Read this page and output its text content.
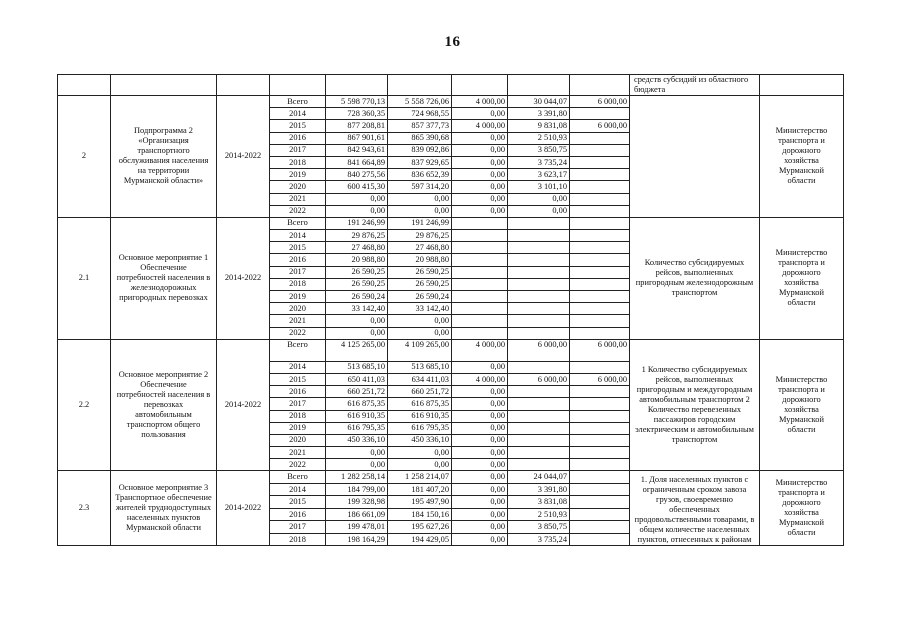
16
									средств субсидий из областного бюджета	
2	Подпрограмма 2 «Организация транспортного обслуживания населения на территории Мурманской области»	2014-2022	Всего	5 598 770,13	5 558 726,06	4 000,00	30 044,07	6 000,00		Министерство транспорта и дорожного хозяйства Мурманской области
			2014	728 360,35	724 968,55	0,00	3 391,80			
			2015	877 208,81	857 377,73	4 000,00	9 831,08	6 000,00		
			2016	867 901,61	865 390,68	0,00	2 510,93			
			2017	842 943,61	839 092,86	0,00	3 850,75			
			2018	841 664,89	837 929,65	0,00	3 735,24			
			2019	840 275,56	836 652,39	0,00	3 623,17			
			2020	600 415,30	597 314,20	0,00	3 101,10			
			2021	0,00	0,00	0,00	0,00			
			2022	0,00	0,00	0,00	0,00			
2.1	Основное мероприятие 1 Обеспечение потребностей населения в железнодорожных пригородных перевозках	2014-2022	Всего	191 246,99	191 246,99				Количество субсидируемых рейсов, выполненных пригородным железнодорожным транспортом	Министерство транспорта и дорожного хозяйства Мурманской области
			2014	29 876,25	29 876,25					
			2015	27 468,80	27 468,80					
			2016	20 988,80	20 988,80					
			2017	26 590,25	26 590,25					
			2018	26 590,25	26 590,25					
			2019	26 590,24	26 590,24					
			2020	33 142,40	33 142,40					
			2021	0,00	0,00					
			2022	0,00	0,00					
2.2	Основное мероприятие 2 Обеспечение потребностей населения в перевозках автомобильным транспортом общего пользования	2014-2022	Всего	4 125 265,00	4 109 265,00	4 000,00	6 000,00	6 000,00	1 Количество субсидируемых рейсов, выполненных пригородным и междугородным автомобильным транспортом 2 Количество перевезенных пассажиров городским электрическим и автомобильным транспортом	Министерство транспорта и дорожного хозяйства Мурманской области
			2014	513 685,10	513 685,10	0,00				
			2015	650 411,03	634 411,03	4 000,00	6 000,00	6 000,00		
			2016	660 251,72	660 251,72	0,00				
			2017	616 875,35	616 875,35	0,00				
			2018	616 910,35	616 910,35	0,00				
			2019	616 795,35	616 795,35	0,00				
			2020	450 336,10	450 336,10	0,00				
			2021	0,00	0,00	0,00				
			2022	0,00	0,00	0,00				
2.3	Основное мероприятие 3 Транспортное обеспечение жителей труднодоступных населенных пунктов Мурманской области	2014-2022	Всего	1 282 258,14	1 258 214,07	0,00	24 044,07		1. Доля населенных пунктов с ограниченным сроком завоза грузов, своевременно обеспеченных продовольственными товарами, в общем количестве населенных пунктов, отнесенных к районам	Министерство транспорта и дорожного хозяйства Мурманской области
			2014	184 799,00	181 407,20	0,00	3 391,80			
			2015	199 328,98	195 497,90	0,00	3 831,08			
			2016	186 661,09	184 150,16	0,00	2 510,93			
			2017	199 478,01	195 627,26	0,00	3 850,75			
			2018	198 164,29	194 429,05	0,00	3 735,24			
